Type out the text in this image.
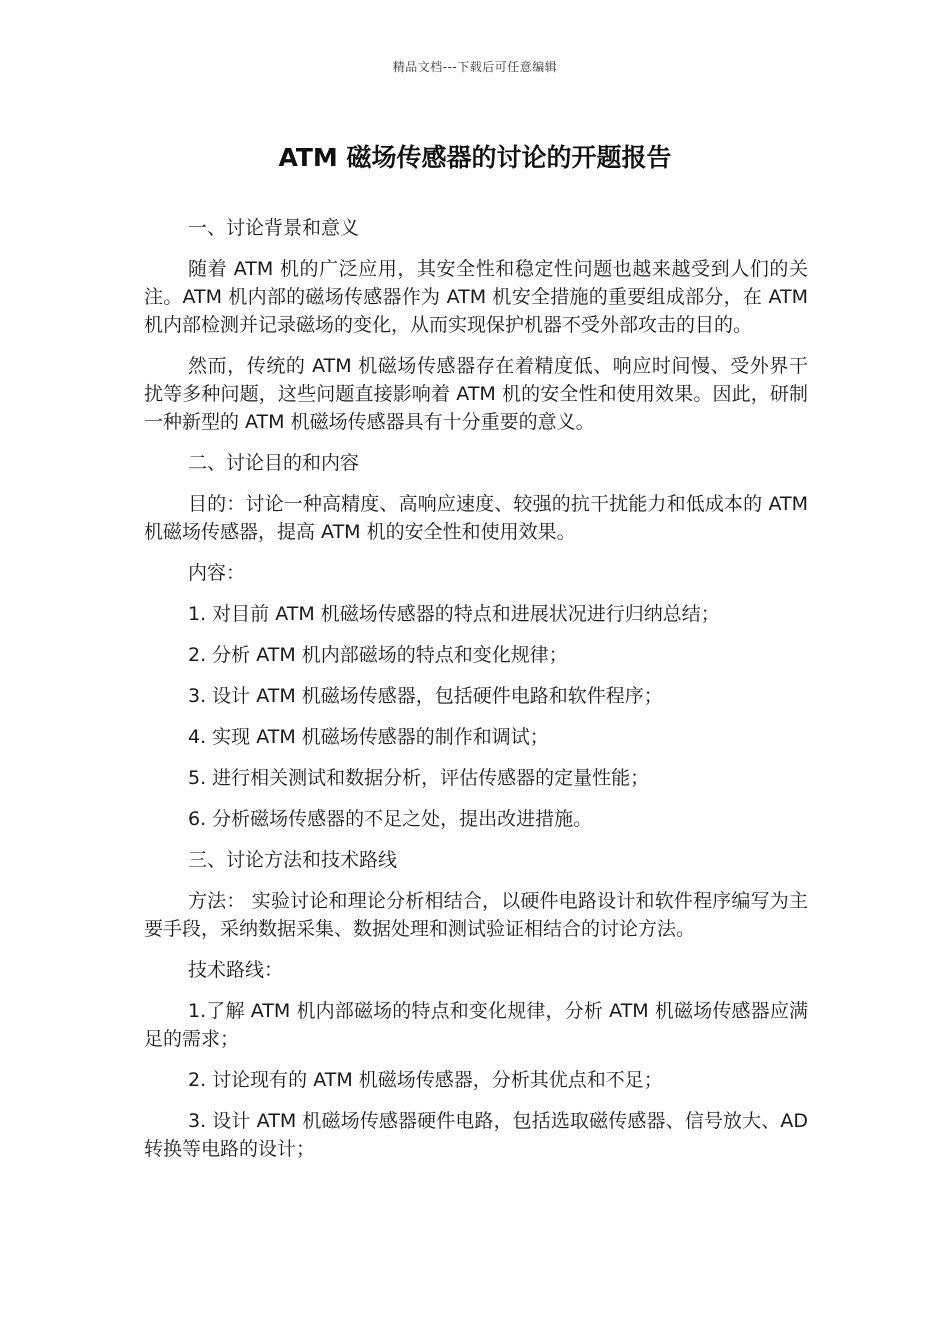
精品文档---下载后可任意编辑
ATM 磁场传感器的讨论的开题报告

一、讨论背景和意义

随着 ATM 机的广泛应用，其安全性和稳定性问题也越来越受到人们的关注。ATM 机内部的磁场传感器作为 ATM 机安全措施的重要组成部分，在 ATM 机内部检测并记录磁场的变化，从而实现保护机器不受外部攻击的目的。

然而，传统的 ATM 机磁场传感器存在着精度低、响应时间慢、受外界干扰等多种问题，这些问题直接影响着 ATM 机的安全性和使用效果。因此，研制一种新型的 ATM 机磁场传感器具有十分重要的意义。

二、讨论目的和内容

目的：讨论一种高精度、高响应速度、较强的抗干扰能力和低成本的 ATM 机磁场传感器，提高 ATM 机的安全性和使用效果。

内容：

1. 对目前 ATM 机磁场传感器的特点和进展状况进行归纳总结；

2. 分析 ATM 机内部磁场的特点和变化规律；

3. 设计 ATM 机磁场传感器，包括硬件电路和软件程序；

4. 实现 ATM 机磁场传感器的制作和调试；

5. 进行相关测试和数据分析，评估传感器的定量性能；

6. 分析磁场传感器的不足之处，提出改进措施。

三、讨论方法和技术路线

方法： 实验讨论和理论分析相结合，以硬件电路设计和软件程序编写为主要手段，采纳数据采集、数据处理和测试验证相结合的讨论方法。

技术路线：

1.了解 ATM 机内部磁场的特点和变化规律，分析 ATM 机磁场传感器应满足的需求；

2. 讨论现有的 ATM 机磁场传感器，分析其优点和不足；

3. 设计 ATM 机磁场传感器硬件电路，包括选取磁传感器、信号放大、AD 转换等电路的设计；
